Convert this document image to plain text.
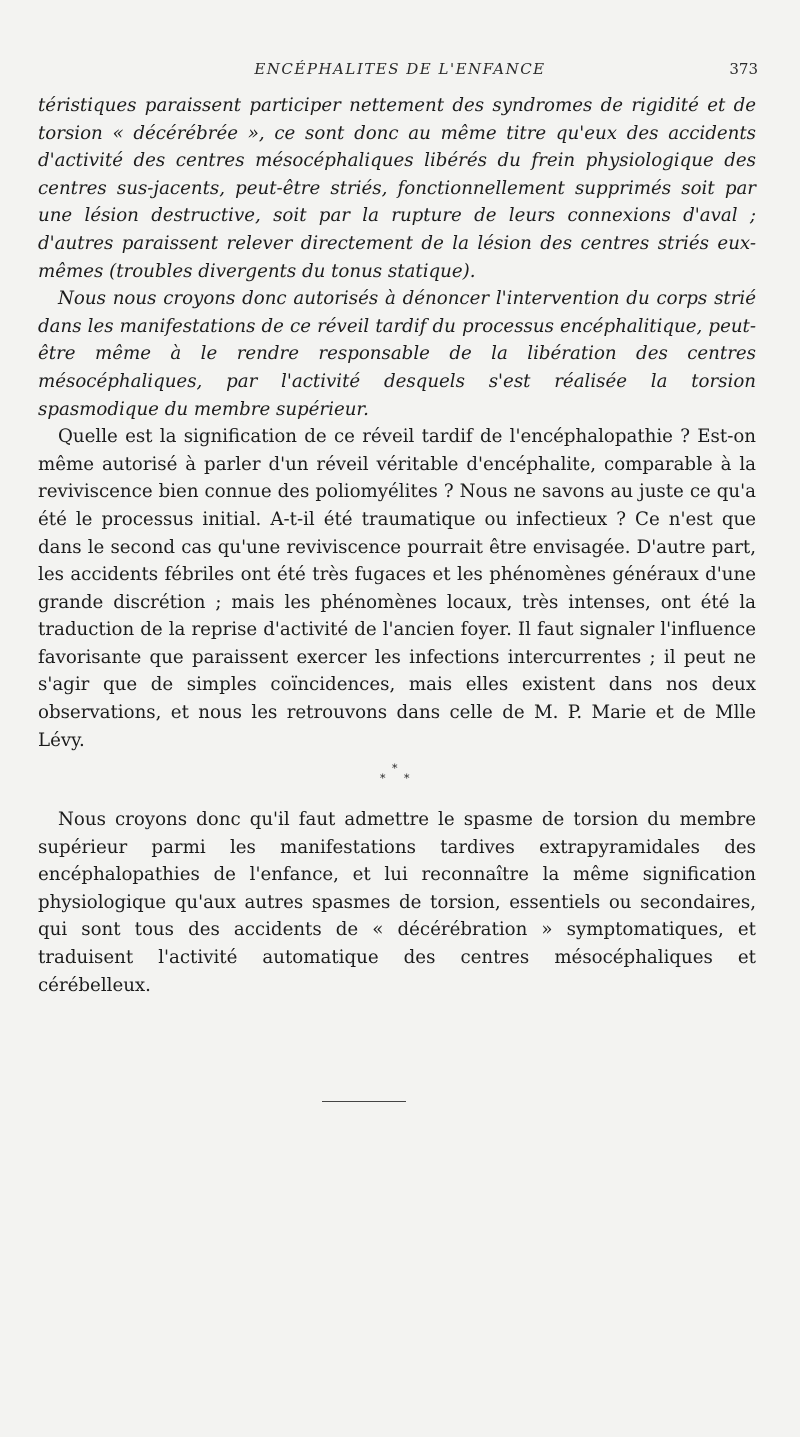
ENCÉPHALITES DE L'ENFANCE	373

téristiques paraissent participer nettement des syndromes de rigidité et de torsion « décérébrée », ce sont donc au même titre qu'eux des accidents d'activité des centres mésocéphaliques libérés du frein physiologique des centres sus-jacents, peut-être striés, fonctionnellement supprimés soit par une lésion destructive, soit par la rupture de leurs connexions d'aval ; d'autres paraissent relever directement de la lésion des centres striés eux-mêmes (troubles divergents du tonus statique).

Nous nous croyons donc autorisés à dénoncer l'intervention du corps strié dans les manifestations de ce réveil tardif du processus encéphalitique, peut-être même à le rendre responsable de la libération des centres mésocéphaliques, par l'activité desquels s'est réalisée la torsion spasmodique du membre supérieur.

Quelle est la signification de ce réveil tardif de l'encéphalopathie ? Est-on même autorisé à parler d'un réveil véritable d'encéphalite, comparable à la reviviscence bien connue des poliomyélites ? Nous ne savons au juste ce qu'a été le processus initial. A-t-il été traumatique ou infectieux ? Ce n'est que dans le second cas qu'une reviviscence pourrait être envisagée. D'autre part, les accidents fébriles ont été très fugaces et les phénomènes généraux d'une grande discrétion ; mais les phénomènes locaux, très intenses, ont été la traduction de la reprise d'activité de l'ancien foyer. Il faut signaler l'influence favorisante que paraissent exercer les infections intercurrentes ; il peut ne s'agir que de simples coïncidences, mais elles existent dans nos deux observations, et nous les retrouvons dans celle de M. P. Marie et de Mlle Lévy.

*
* *

Nous croyons donc qu'il faut admettre le spasme de torsion du membre supérieur parmi les manifestations tardives extrapyramidales des encéphalopathies de l'enfance, et lui reconnaître la même signification physiologique qu'aux autres spasmes de torsion, essentiels ou secondaires, qui sont tous des accidents de « décérébration » symptomatiques, et traduisent l'activité automatique des centres mésocéphaliques et cérébelleux.
